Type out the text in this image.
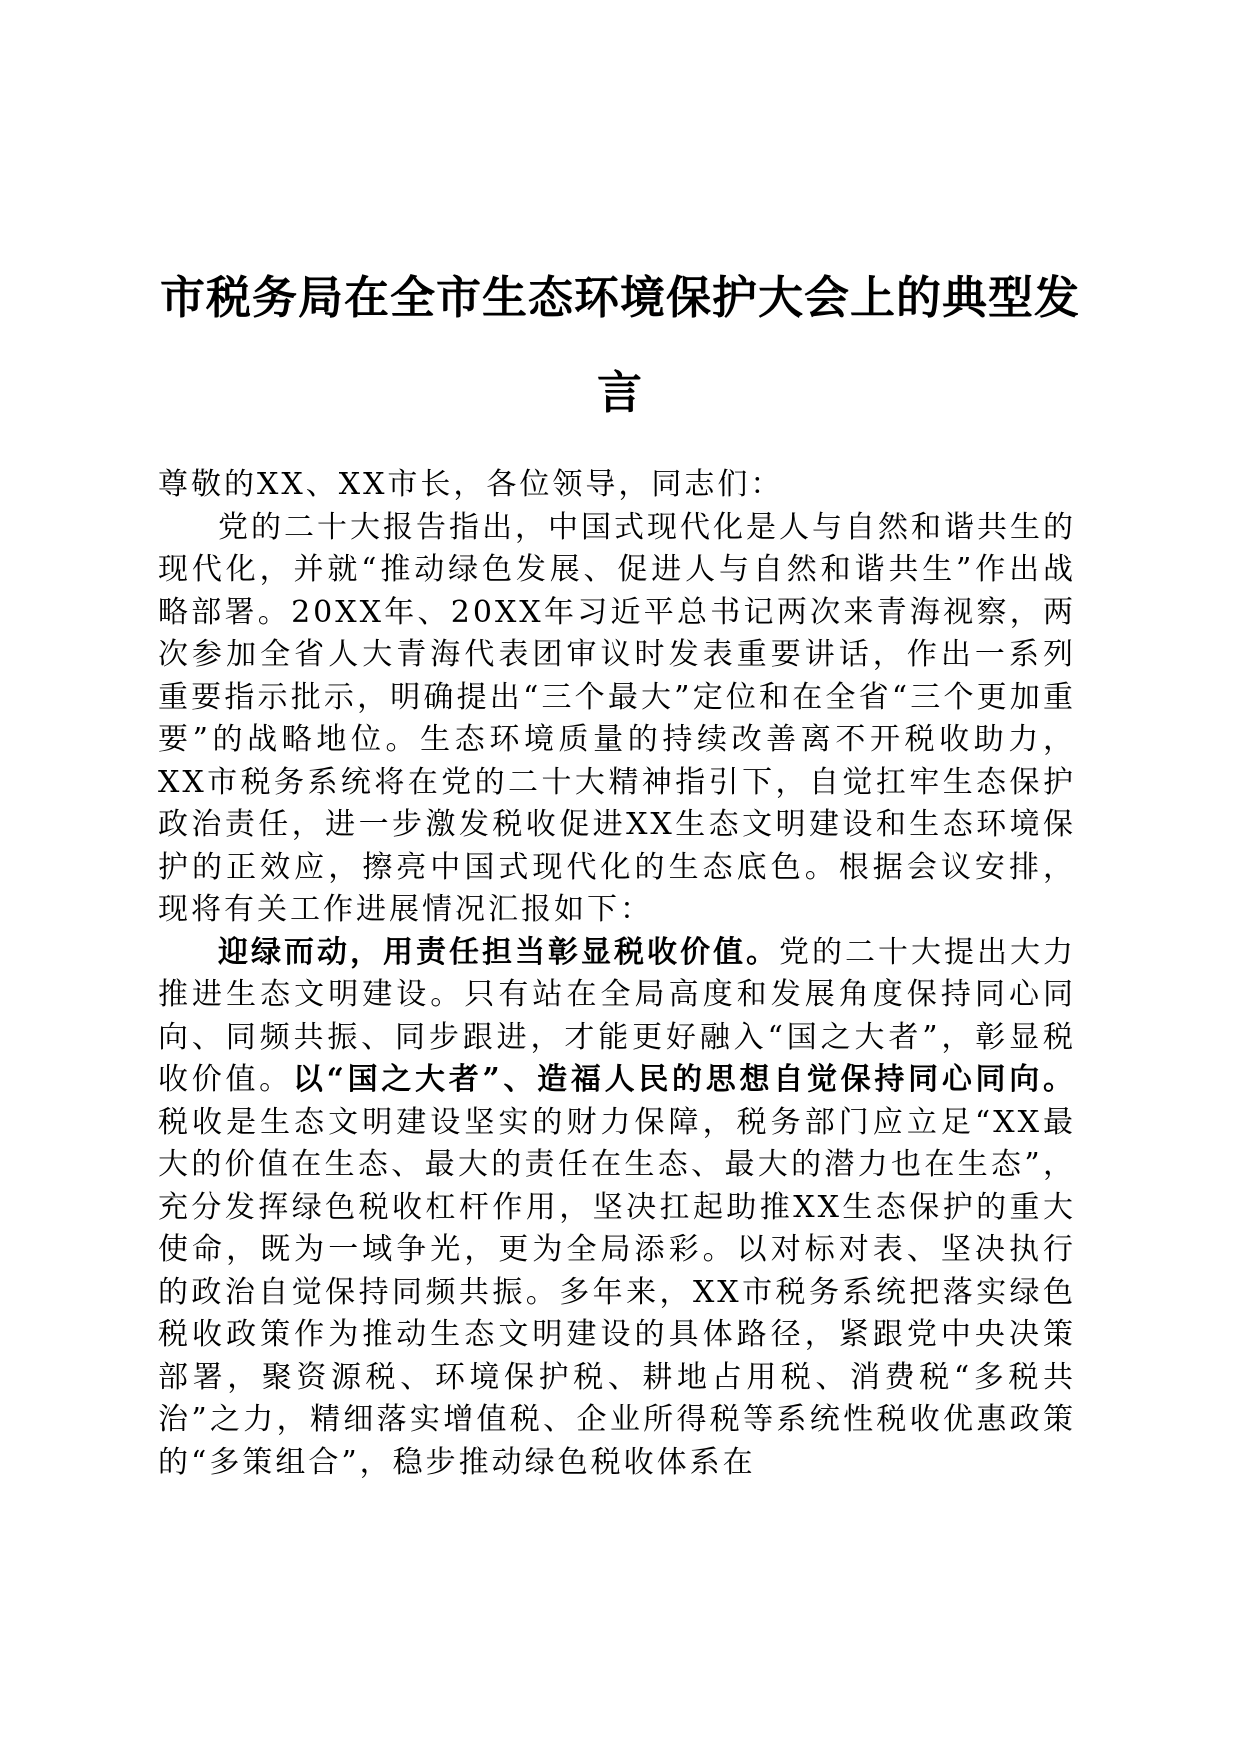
市税务局在全市生态环境保护大会上的典型发言

尊敬的XX、XX市长，各位领导，同志们：

党的二十大报告指出，中国式现代化是人与自然和谐共生的现代化，并就“推动绿色发展、促进人与自然和谐共生”作出战略部署。20XX年、20XX年习近平总书记两次来青海视察，两次参加全省人大青海代表团审议时发表重要讲话，作出一系列重要指示批示，明确提出“三个最大”定位和在全省“三个更加重要”的战略地位。生态环境质量的持续改善离不开税收助力，XX市税务系统将在党的二十大精神指引下，自觉扛牢生态保护政治责任，进一步激发税收促进XX生态文明建设和生态环境保护的正效应，擦亮中国式现代化的生态底色。根据会议安排，现将有关工作进展情况汇报如下：

迎绿而动，用责任担当彰显税收价值。党的二十大提出大力推进生态文明建设。只有站在全局高度和发展角度保持同心同向、同频共振、同步跟进，才能更好融入“国之大者”，彰显税收价值。以“国之大者”、造福人民的思想自觉保持同心同向。税收是生态文明建设坚实的财力保障，税务部门应立足“XX最大的价值在生态、最大的责任在生态、最大的潜力也在生态”，充分发挥绿色税收杠杆作用，坚决扛起助推XX生态保护的重大使命，既为一域争光，更为全局添彩。以对标对表、坚决执行的政治自觉保持同频共振。多年来，XX市税务系统把落实绿色税收政策作为推动生态文明建设的具体路径，紧跟党中央决策部署，聚资源税、环境保护税、耕地占用税、消费税“多税共治”之力，精细落实增值税、企业所得税等系统性税收优惠政策的“多策组合”，稳步推动绿色税收体系在
